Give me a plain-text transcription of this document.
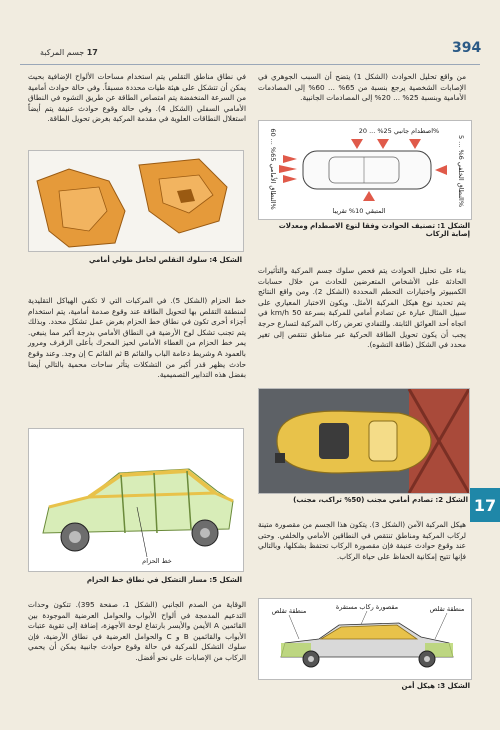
394
17 جسم المركبة

من واقع تحليل الحوادث (الشكل 1) يتضح أن السبب الجوهري في الإصابات الشخصية يرجع بنسبة من 65% ... 60% إلى المصادمات الأمامية وبنسبة 25% ... 20% إلى المصادمات الجانبية.

اصطدام جانبي 25% ... 20%
المتبقي 10% تقريبا
النطاق الأمامي 65% ... 60%
النطاق الخلفي 6% ... 5%
الشكل 1: تصنيف الحوادث وفقا لنوع الاصطدام ومعدلات إصابة الركاب

بناء على تحليل الحوادث يتم فحص سلوك جسم المركبة والتأثيرات الحادثة على الأشخاص المتعرضين للحادث من خلال حسابات الكمبيوتر واختبارات التحطم المحددة (الشكل 2). ومن واقع النتائج يتم تحديد نوع هيكل المركبة الأمثل. ويكون الاختبار المعياري على سبيل المثال عبارة عن تصادم أمامي للمركبة بسرعة 50 km/h في اتجاه أحد العوائق الثابتة. وللتفادي تعرض ركاب المركبة لتسارع حرجة يجب أن يكون تحويل الطاقة الحركية عبر مناطق تنتقص إلى تغير محدد في الشكل (طاقة التشوه).

الشكل 2: تصادم أمامي مجنب (50% تراكب، مجنب)

هيكل المركبة الآمن (الشكل 3). يتكون هذا الجسم من مقصورة متينة لركاب المركبة ومناطق تنتقص في النطاقين الأمامي والخلفي. وحتى عند وقوع حوادث عنيفة فإن مقصورة الركاب تحتفظ بشكلها، وبالتالي فإنها تتيح إمكانية الحفاظ على حياة الركاب.

منطقة تقلص
مقصورة ركاب مستقرة
منطقة تقلص
الشكل 3: هيكل أمن

في نطاق مناطق التقلص يتم استخدام مساحات الألواح الإضافية بحيث يمكن أن تتشكل على هيئة طيات محددة مسبقاً. وفي حالة حوادث أمامية من السرعة المنخفضة يتم امتصاص الطاقة عن طريق التشوه في النطاق الأمامي السفلي (الشكل 4). وفي حالة وقوع حوادث عنيفة يتم أيضاً استغلال النطاقات العلوية في مقدمة المركبة بغرض تحويل الطاقة.

الشكل 4: سلوك التقلص لحامل طولي أمامي

خط الحزام (الشكل 5). في المركبات التي لا تكفي الهياكل التقليدية لمنطقة التقلص بها لتحويل الطاقة عند وقوع صدمة أمامية، يتم استخدام أجزاء أخرى تكون في نطاق خط الحزام بغرض عمل تشكل محدد. وبذلك يتم تجنب تشكل لوح الأرضية في النطاق الأمامي بدرجة أكبر مما ينبغي. يمر خط الحزام من الغطاء الأمامي لحيز المحرك بأعلى الرفرف ومرور بالعمود A وشريط دعامة الباب والقائم B ثم القائم C إن وجد. وعند وقوع حادث يظهر قدر أكبر من التشكلات يتأثر ساحات محمية بالتالي أيضا بفضل هذه التدابير التصميمية.

خط الحزام
الشكل 5: مسار التشكل في نطاق خط الحزام

الوقاية من الصدم الجانبي (الشكل 1، صفحة 395). تتكون وحدات التدعيم المدمجة في ألواح الأبواب والحوامل العرضية الموجودة بين القائمين A الأيمن والأيسر بارتفاع لوحة الأجهزة، إضافة إلى تقوية عتبات الأبواب والقائمين B و C والحوامل العرضية في نطاق الأرضية، فإن سلوك التشكل للمركبة في حالة وقوع حوادث جانبية يمكن أن يحمي الركاب من الإصابات على نحو أفضل.

17
